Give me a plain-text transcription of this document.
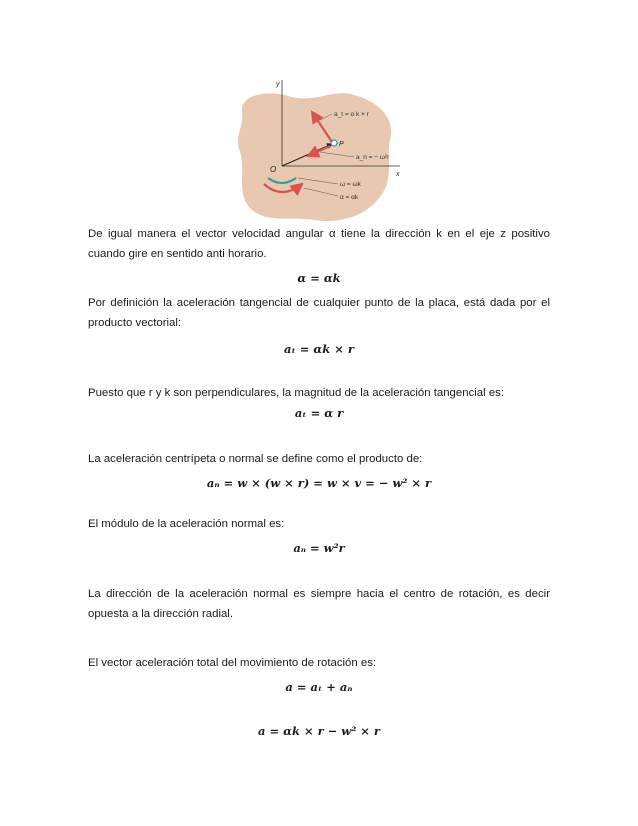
y
x
O
P
a_t = α k × r
a_n = − ω²r
ω = ωk
α = αk
De igual manera el vector velocidad angular α tiene la dirección k en el eje z positivo cuando gire en sentido anti horario.
α = αk
Por definición la aceleración tangencial de cualquier punto de la placa, está dada por el producto vectorial:
aₜ = αk × r
Puesto que r y k son perpendiculares, la magnitud de la aceleración tangencial es:
aₜ = α r
La aceleración centrípeta o normal se define como el producto de:
aₙ = w × (w × r) = w × v = − w² × r
El módulo de la aceleración normal es:
aₙ = w²r
La dirección de la aceleración normal es siempre hacia el centro de rotación, es decir opuesta a la dirección radial.
El vector aceleración total del movimiento de rotación es:
a = aₜ + aₙ
a = αk × r − w² × r
